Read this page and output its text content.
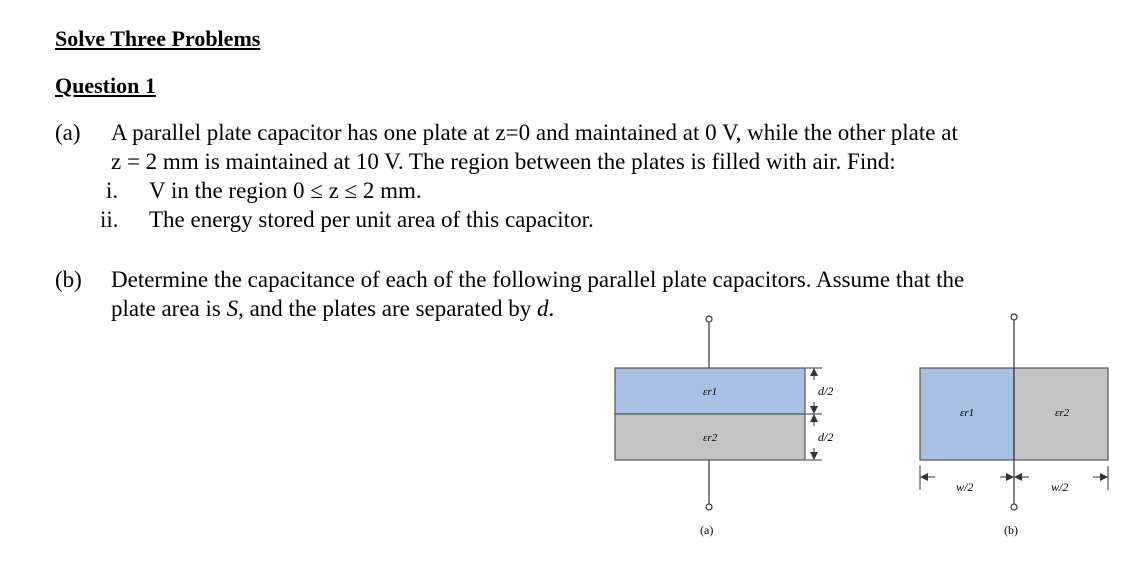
Solve Three Problems
Question 1
(a) A parallel plate capacitor has one plate at z=0 and maintained at 0 V, while the other plate at
z = 2 mm is maintained at 10 V. The region between the plates is filled with air. Find:
i. V in the region 0 ≤ z ≤ 2 mm.
ii. The energy stored per unit area of this capacitor.
(b) Determine the capacitance of each of the following parallel plate capacitors. Assume that the
plate area is S, and the plates are separated by d.
εr1
εr2
d/2
d/2
(a)
εr1	εr2
w/2	w/2
(b)
